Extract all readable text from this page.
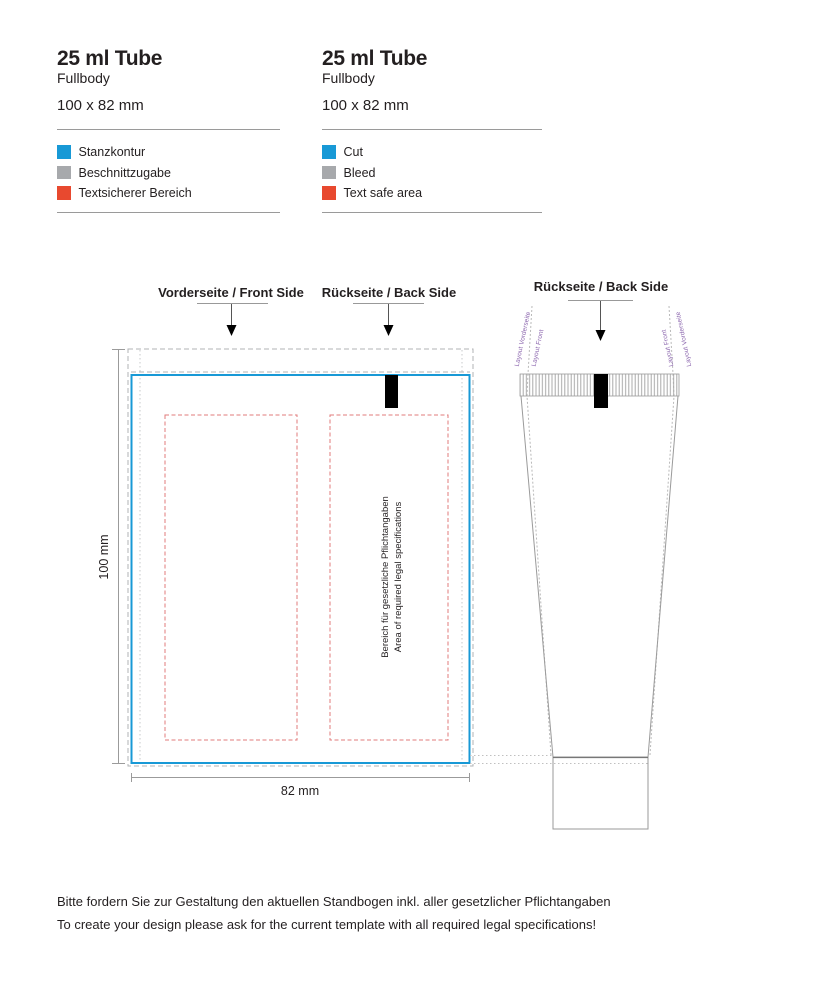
25 ml Tube
Fullbody
100 x 82 mm
Stanzkontur
Beschnittzugabe
Textsicherer Bereich
25 ml Tube
Fullbody
100 x 82 mm
Cut
Bleed
Text safe area
Vorderseite / Front Side Rückseite / Back Side	Rückseite / Back Side
100 mm
82 mm
Bereich für gesetzliche Pflichtangaben Area of required legal specifications
Layout Vorderseite
Layout Front	Layout Front Layout Vorderseite
Bitte fordern Sie zur Gestaltung den aktuellen Standbogen inkl. aller gesetzlicher Pflichtangaben
To create your design please ask for the current template with all required legal specifications!
